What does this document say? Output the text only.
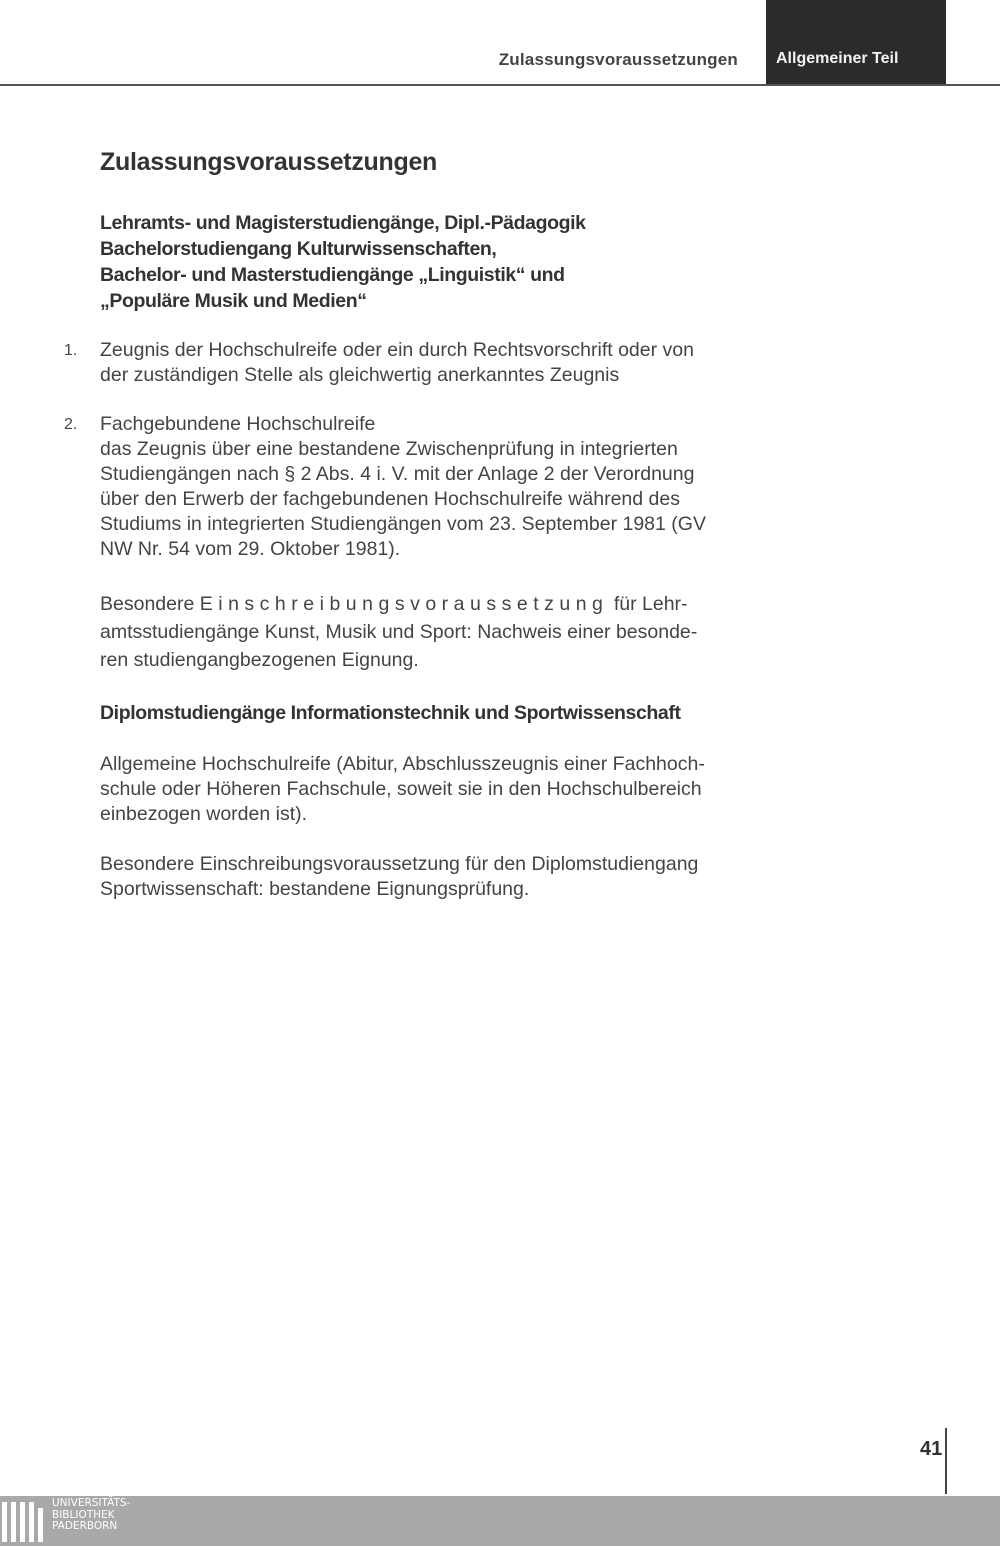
Zulassungsvoraussetzungen	Allgemeiner Teil
Zulassungsvoraussetzungen
Lehramts- und Magisterstudiengänge, Dipl.-Pädagogik
Bachelorstudiengang Kulturwissenschaften,
Bachelor- und Masterstudiengänge „Linguistik“ und
„Populäre Musik und Medien“
1. Zeugnis der Hochschulreife oder ein durch Rechtsvorschrift oder von
der zuständigen Stelle als gleichwertig anerkanntes Zeugnis
2. Fachgebundene Hochschulreife
das Zeugnis über eine bestandene Zwischenprüfung in integrierten
Studiengängen nach § 2 Abs. 4 i. V. mit der Anlage 2 der Verordnung
über den Erwerb der fachgebundenen Hochschulreife während des
Studiums in integrierten Studiengängen vom 23. September 1981 (GV
NW Nr. 54 vom 29. Oktober 1981).
Besondere Einschreibungsvoraussetzung für Lehr-
amtsstudiengänge Kunst, Musik und Sport: Nachweis einer besonde-
ren studiengangbezogenen Eignung.
Diplomstudiengänge Informationstechnik und Sportwissenschaft
Allgemeine Hochschulreife (Abitur, Abschlusszeugnis einer Fachhoch-
schule oder Höheren Fachschule, soweit sie in den Hochschulbereich
einbezogen worden ist).
Besondere Einschreibungsvoraussetzung für den Diplomstudiengang
Sportwissenschaft: bestandene Eignungsprüfung.
41
UNIVERSITÄTS-
BIBLIOTHEK
PADERBORN
